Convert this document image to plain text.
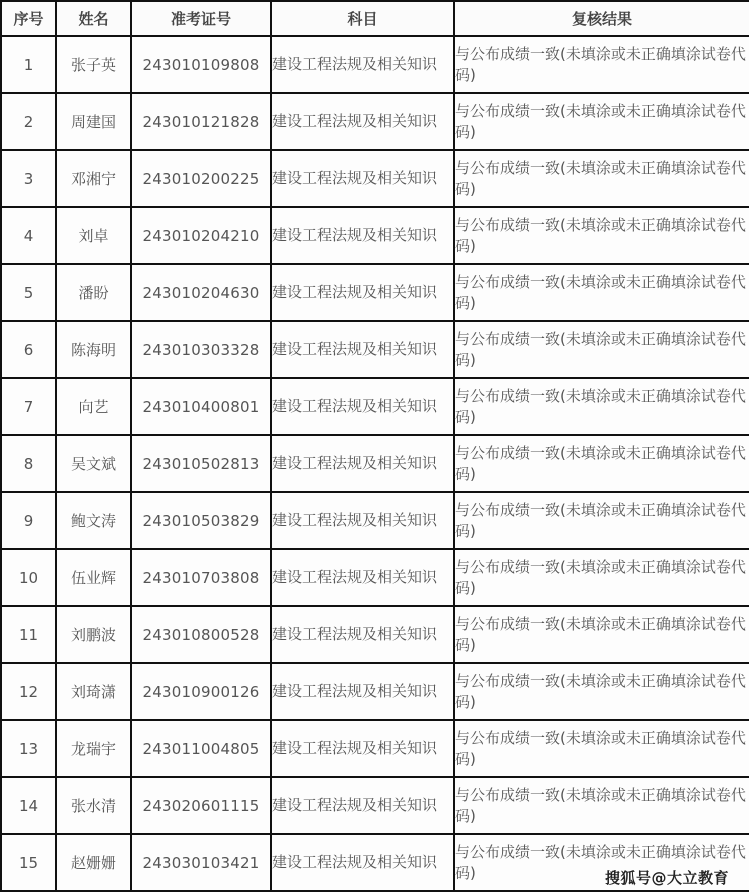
序号	姓名	准考证号	科目	复核结果
1	张子英	243010109808	建设工程法规及相关知识	与公布成绩一致(未填涂或未正确填涂试卷代码)
2	周建国	243010121828	建设工程法规及相关知识	与公布成绩一致(未填涂或未正确填涂试卷代码)
3	邓湘宁	243010200225	建设工程法规及相关知识	与公布成绩一致(未填涂或未正确填涂试卷代码)
4	刘卓	243010204210	建设工程法规及相关知识	与公布成绩一致(未填涂或未正确填涂试卷代码)
5	潘盼	243010204630	建设工程法规及相关知识	与公布成绩一致(未填涂或未正确填涂试卷代码)
6	陈海明	243010303328	建设工程法规及相关知识	与公布成绩一致(未填涂或未正确填涂试卷代码)
7	向艺	243010400801	建设工程法规及相关知识	与公布成绩一致(未填涂或未正确填涂试卷代码)
8	吴文斌	243010502813	建设工程法规及相关知识	与公布成绩一致(未填涂或未正确填涂试卷代码)
9	鲍文涛	243010503829	建设工程法规及相关知识	与公布成绩一致(未填涂或未正确填涂试卷代码)
10	伍业辉	243010703808	建设工程法规及相关知识	与公布成绩一致(未填涂或未正确填涂试卷代码)
11	刘鹏波	243010800528	建设工程法规及相关知识	与公布成绩一致(未填涂或未正确填涂试卷代码)
12	刘琦潇	243010900126	建设工程法规及相关知识	与公布成绩一致(未填涂或未正确填涂试卷代码)
13	龙瑞宇	243011004805	建设工程法规及相关知识	与公布成绩一致(未填涂或未正确填涂试卷代码)
14	张水清	243020601115	建设工程法规及相关知识	与公布成绩一致(未填涂或未正确填涂试卷代码)
15	赵姗姗	243030103421	建设工程法规及相关知识	与公布成绩一致(未填涂或未正确填涂试卷代码)	搜狐号@大立教育
